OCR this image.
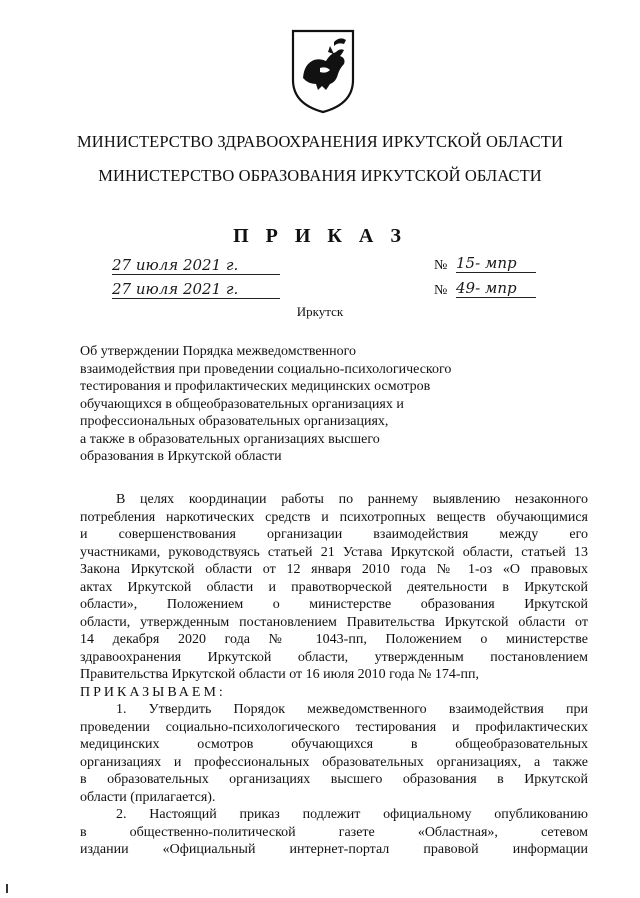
МИНИСТЕРСТВО ЗДРАВООХРАНЕНИЯ ИРКУТСКОЙ ОБЛАСТИ
МИНИСТЕРСТВО ОБРАЗОВАНИЯ ИРКУТСКОЙ ОБЛАСТИ
П Р И К А З
27 июля 2021 г.
27 июля 2021 г.
№ 15- мпр
№ 49- мпр
Иркутск
Об утверждении Порядка межведомственного
взаимодействия при проведении социально-психологического
тестирования и профилактических медицинских осмотров
обучающихся в общеобразовательных организациях и
профессиональных образовательных организациях,
а также в образовательных организациях высшего
образования в Иркутской области
В целях координации работы по раннему выявлению незаконного
потребления наркотических средств и психотропных веществ обучающимися
и совершенствования организации взаимодействия между его
участниками, руководствуясь статьей 21 Устава Иркутской области, статьей 13
Закона Иркутской области от 12 января 2010 года № 1-оз «О правовых
актах Иркутской области и правотворческой деятельности в Иркутской
области», Положением о министерстве образования Иркутской
области, утвержденным постановлением Правительства Иркутской области от
14 декабря 2020 года № 1043-пп, Положением о министерстве
здравоохранения Иркутской области, утвержденным постановлением
Правительства Иркутской области от 16 июля 2010 года № 174-пп,
ПРИКАЗЫВАЕМ:
1. Утвердить Порядок межведомственного взаимодействия при
проведении социально-психологического тестирования и профилактических
медицинских осмотров обучающихся в общеобразовательных
организациях и профессиональных образовательных организациях, а также
в образовательных организациях высшего образования в Иркутской
области (прилагается).
2. Настоящий приказ подлежит официальному опубликованию
в общественно-политической газете «Областная», сетевом
издании «Официальный интернет-портал правовой информации
